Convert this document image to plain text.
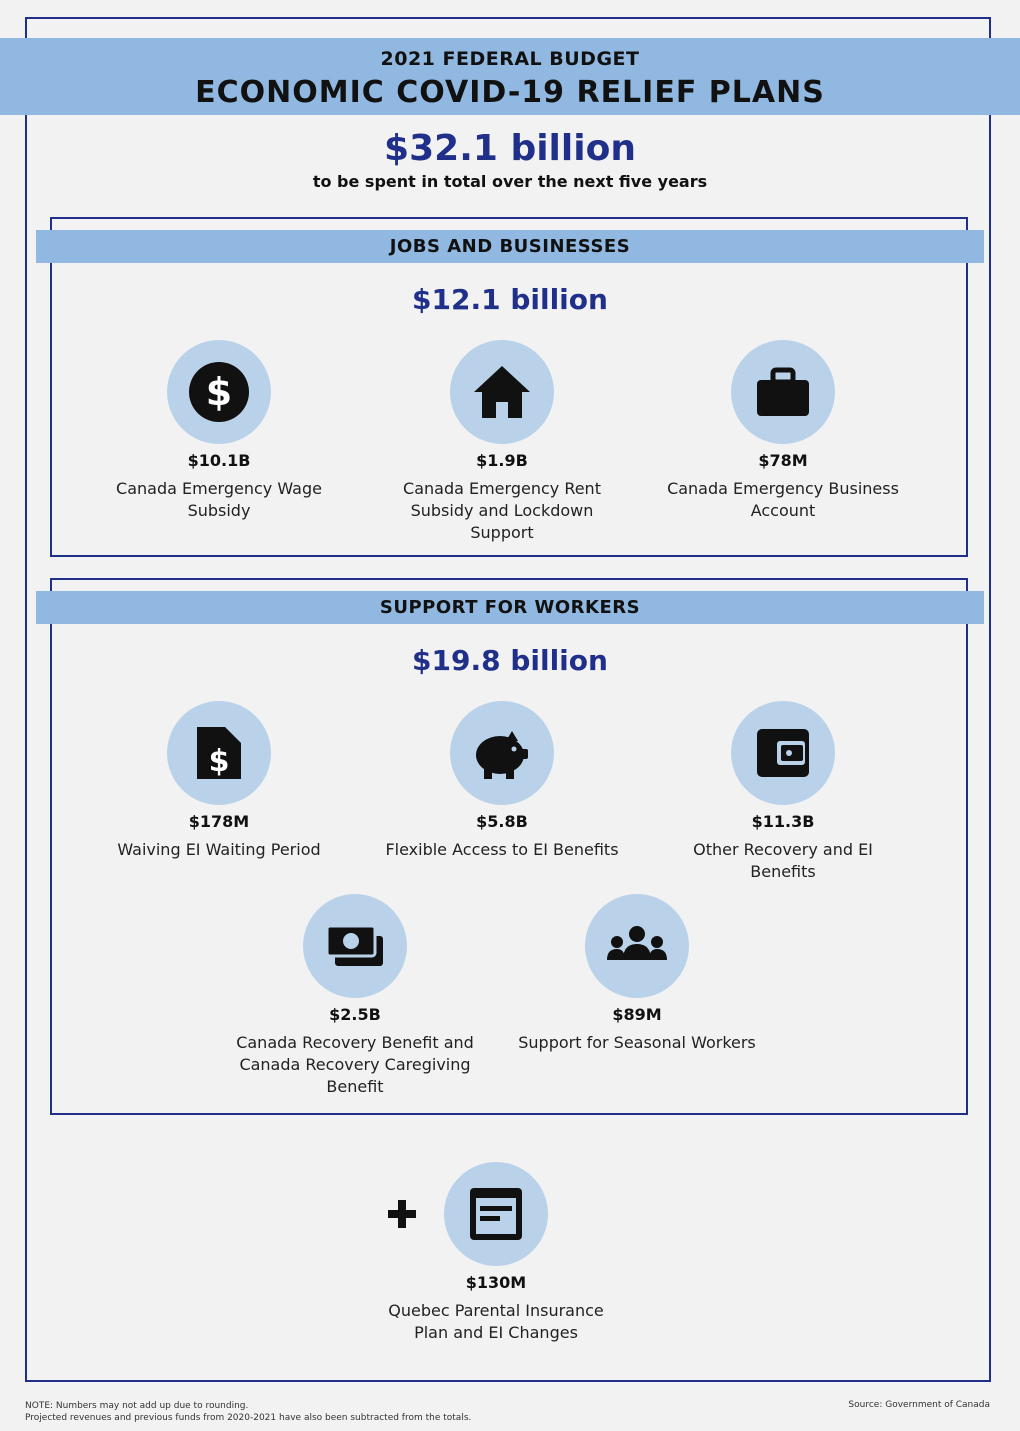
2021 FEDERAL BUDGET
ECONOMIC COVID-19 RELIEF PLANS
$32.1 billion
to be spent in total over the next five years
JOBS AND BUSINESSES
$12.1 billion
$
$10.1B
Canada Emergency Wage Subsidy
$1.9B
Canada Emergency Rent Subsidy and Lockdown Support
$78M
Canada Emergency Business Account
SUPPORT FOR WORKERS
$19.8 billion
$
$178M
Waiving EI Waiting Period
$5.8B
Flexible Access to EI Benefits
$11.3B
Other Recovery and EI Benefits
$2.5B
Canada Recovery Benefit and Canada Recovery Caregiving Benefit
$89M
Support for Seasonal Workers
$130M
Quebec Parental Insurance Plan and EI Changes
NOTE: Numbers may not add up due to rounding.
Projected revenues and previous funds from 2020-2021 have also been subtracted from the totals.
Source: Government of Canada
